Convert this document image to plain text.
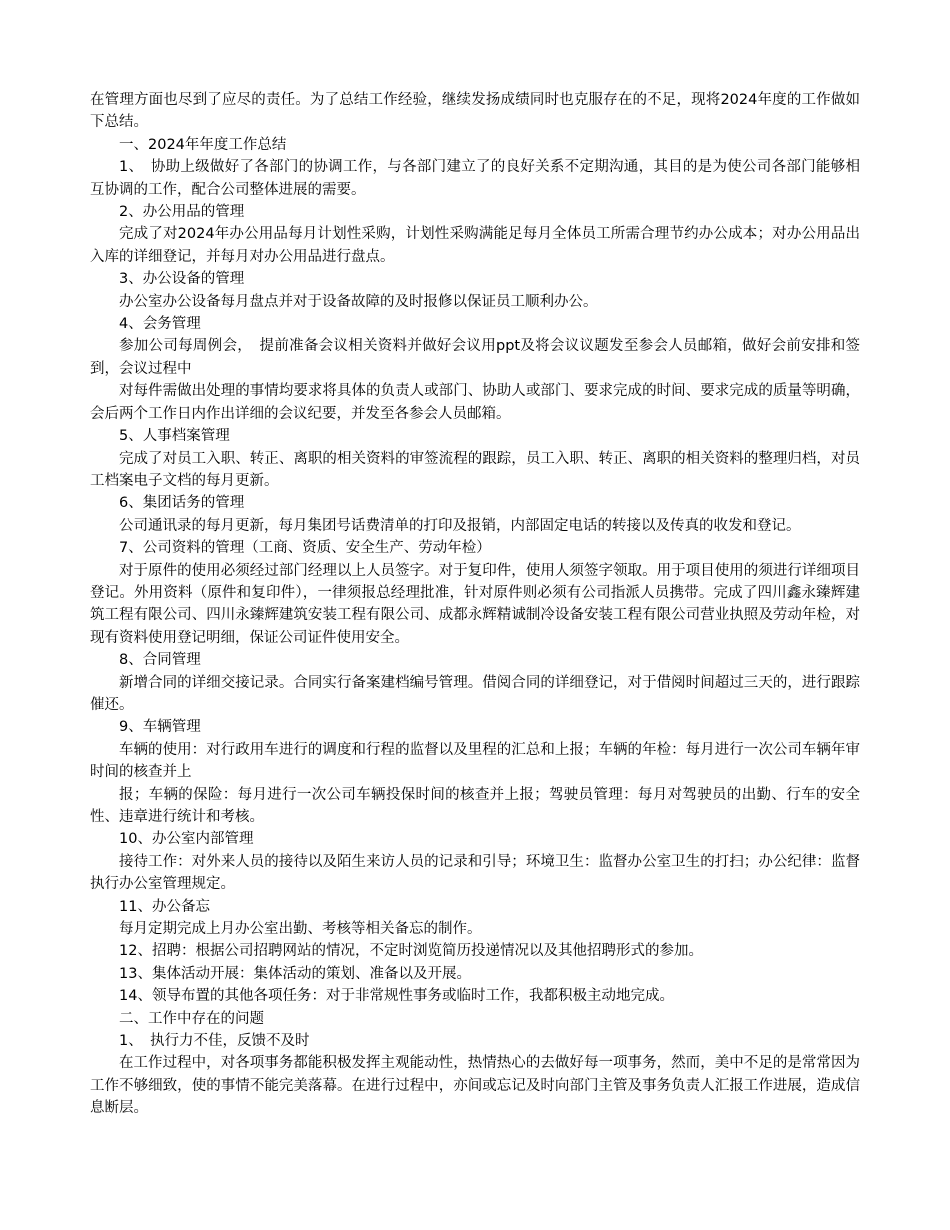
在管理方面也尽到了应尽的责任。为了总结工作经验，继续发扬成绩同时也克服存在的不足，现将2024年度的工作做如下总结。

一、2024年年度工作总结

1、　协助上级做好了各部门的协调工作，与各部门建立了的良好关系不定期沟通，其目的是为使公司各部门能够相互协调的工作，配合公司整体进展的需要。

2、办公用品的管理

完成了对2024年办公用品每月计划性采购，计划性采购满能足每月全体员工所需合理节约办公成本；对办公用品出入库的详细登记，并每月对办公用品进行盘点。

3、办公设备的管理

办公室办公设备每月盘点并对于设备故障的及时报修以保证员工顺利办公。

4、会务管理

参加公司每周例会，　提前准备会议相关资料并做好会议用ppt及将会议议题发至参会人员邮箱，做好会前安排和签到，会议过程中

对每件需做出处理的事情均要求将具体的负责人或部门、协助人或部门、要求完成的时间、要求完成的质量等明确，会后两个工作日内作出详细的会议纪要，并发至各参会人员邮箱。

5、人事档案管理

完成了对员工入职、转正、离职的相关资料的审签流程的跟踪，员工入职、转正、离职的相关资料的整理归档，对员工档案电子文档的每月更新。

6、集团话务的管理

公司通讯录的每月更新，每月集团号话费清单的打印及报销，内部固定电话的转接以及传真的收发和登记。

7、公司资料的管理（工商、资质、安全生产、劳动年检）

对于原件的使用必须经过部门经理以上人员签字。对于复印件，使用人须签字领取。用于项目使用的须进行详细项目登记。外用资料（原件和复印件），一律须报总经理批准，针对原件则必须有公司指派人员携带。完成了四川鑫永臻辉建筑工程有限公司、四川永臻辉建筑安装工程有限公司、成都永辉精诚制冷设备安装工程有限公司营业执照及劳动年检，对现有资料使用登记明细，保证公司证件使用安全。

8、合同管理

新增合同的详细交接记录。合同实行备案建档编号管理。借阅合同的详细登记，对于借阅时间超过三天的，进行跟踪催还。

9、车辆管理

车辆的使用：对行政用车进行的调度和行程的监督以及里程的汇总和上报；车辆的年检：每月进行一次公司车辆年审时间的核查并上

报；车辆的保险：每月进行一次公司车辆投保时间的核查并上报；驾驶员管理：每月对驾驶员的出勤、行车的安全性、违章进行统计和考核。

10、办公室内部管理

接待工作：对外来人员的接待以及陌生来访人员的记录和引导；环境卫生：监督办公室卫生的打扫；办公纪律：监督执行办公室管理规定。

11、办公备忘

每月定期完成上月办公室出勤、考核等相关备忘的制作。

12、招聘：根据公司招聘网站的情况，不定时浏览简历投递情况以及其他招聘形式的参加。

13、集体活动开展：集体活动的策划、准备以及开展。

14、领导布置的其他各项任务：对于非常规性事务或临时工作，我都积极主动地完成。

二、工作中存在的问题

1、　执行力不佳，反馈不及时

在工作过程中，对各项事务都能积极发挥主观能动性，热情热心的去做好每一项事务，然而，美中不足的是常常因为工作不够细致，使的事情不能完美落幕。在进行过程中，亦间或忘记及时向部门主管及事务负责人汇报工作进展，造成信息断层。
